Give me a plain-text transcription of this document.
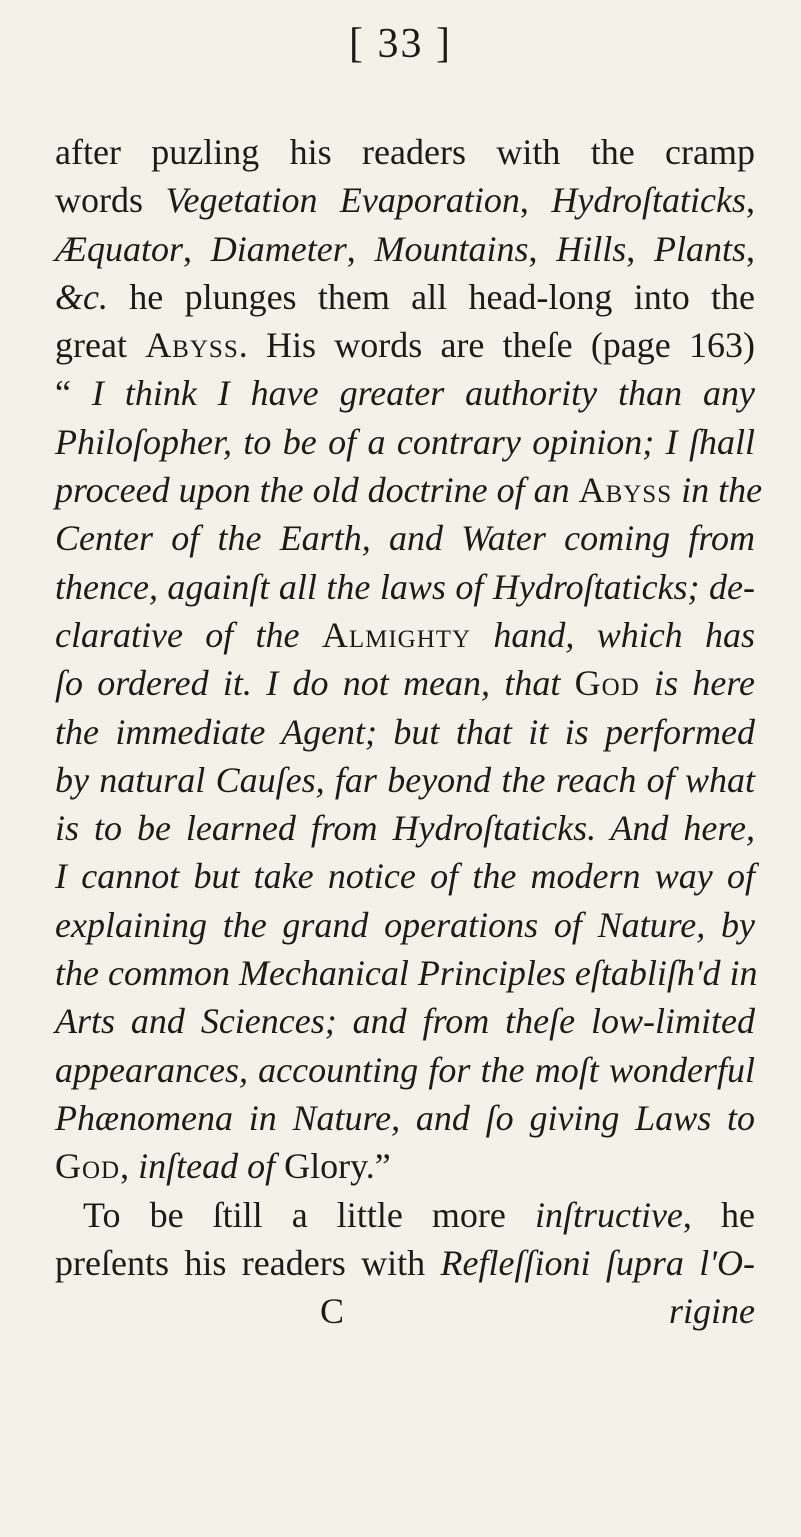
[ 33 ]
after puzling his readers with the cramp
words Vegetation Evaporation, Hydroſtaticks,
Æquator, Diameter, Mountains, Hills, Plants,
&c. he plunges them all head-long into the
great Abyss. His words are theſe (page 163)
“ I think I have greater authority than any
Philoſopher, to be of a contrary opinion; I ſhall
proceed upon the old doctrine of an Abyss in the
Center of the Earth, and Water coming from
thence, againſt all the laws of Hydroſtaticks; de-
clarative of the Almighty hand, which has
ſo ordered it. I do not mean, that God is here
the immediate Agent; but that it is performed
by natural Cauſes, far beyond the reach of what
is to be learned from Hydroſtaticks. And here,
I cannot but take notice of the modern way of
explaining the grand operations of Nature, by
the common Mechanical Principles eſtabliſh'd in
Arts and Sciences; and from theſe low-limited
appearances, accounting for the moſt wonderful
Phænomena in Nature, and ſo giving Laws to
God, inſtead of Glory.”
To be ſtill a little more inſtructive, he
preſents his readers with Refleſſioni ſupra l'O-
C	rigine
